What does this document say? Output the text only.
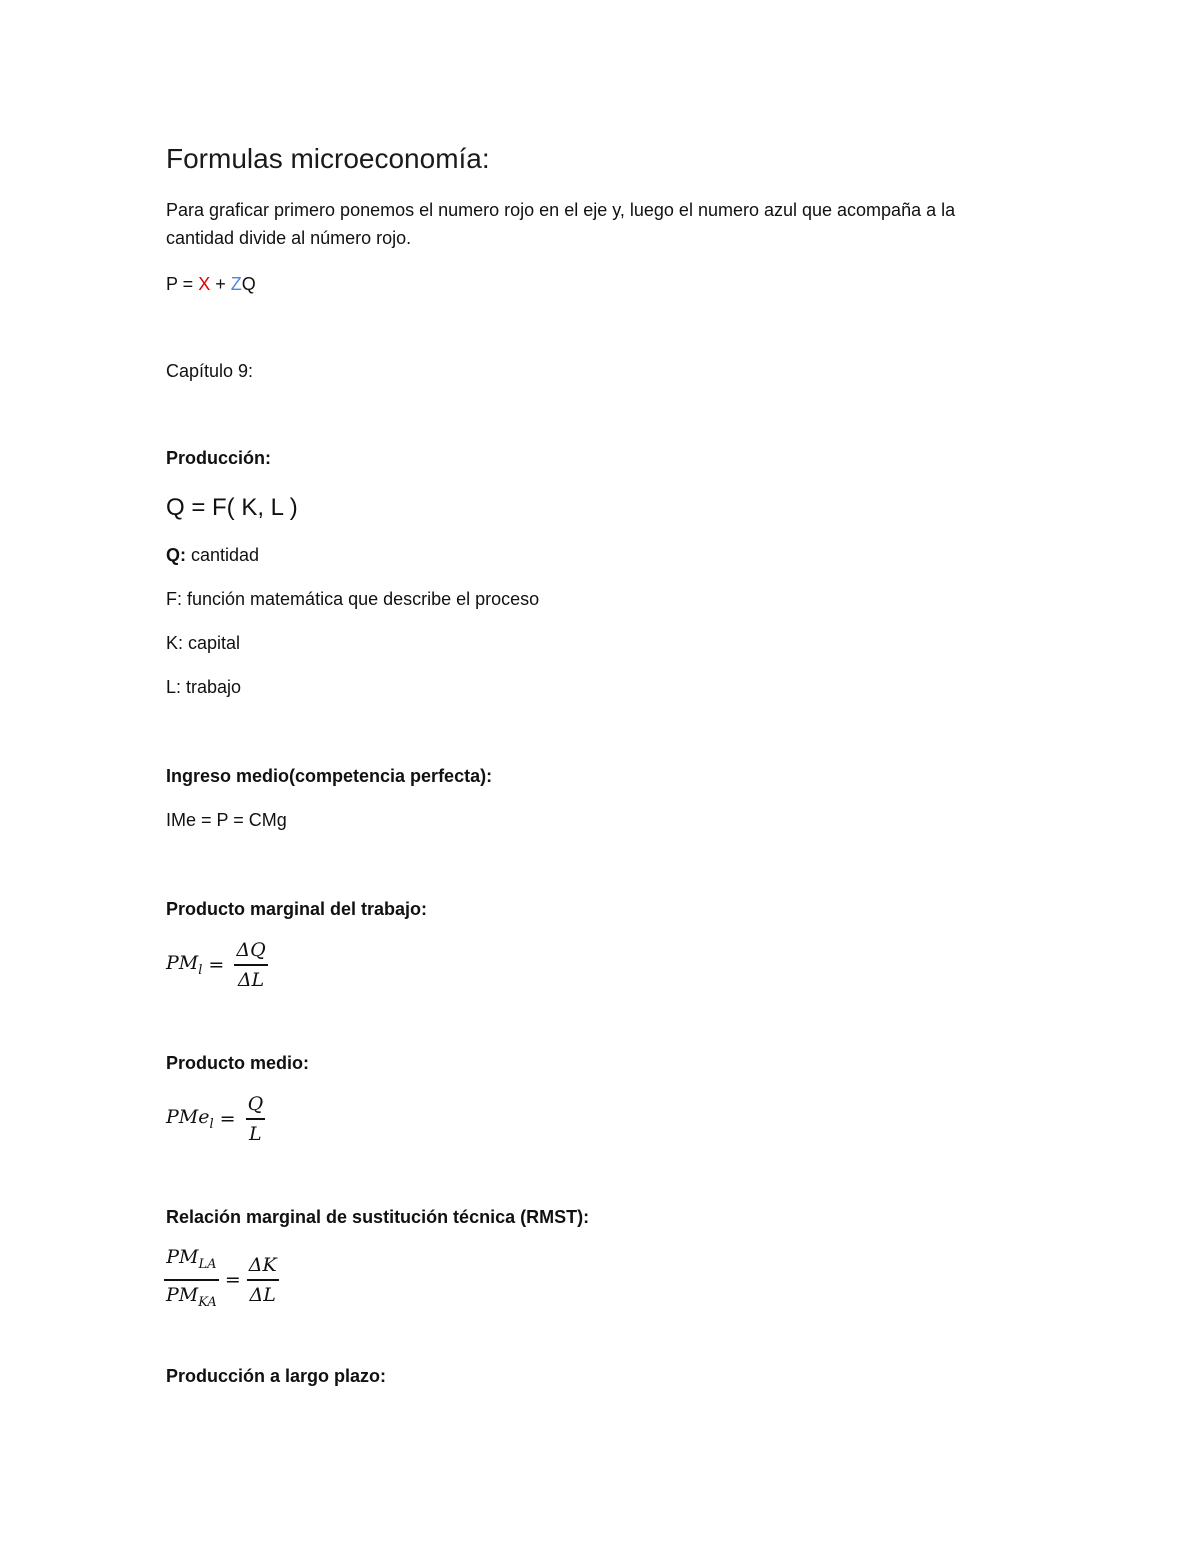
Formulas microeconomía:
Para graficar primero ponemos el numero rojo en el eje y, luego el numero azul que acompaña a la
cantidad divide al número rojo.
P = X + ZQ
Capítulo 9:
Producción:
Q = F( K, L )
Q: cantidad
F: función matemática que describe el proceso
K: capital
L: trabajo
Ingreso medio(competencia perfecta):
IMe = P = CMg
Producto marginal del trabajo:
$PM_l = \frac{\Delta Q}{\Delta L}$
Producto medio:
$PMe_l = \frac{Q}{L}$
Relación marginal de sustitución técnica (RMST):
$\frac{PM_{LA}}{PM_{KA}} = \frac{\Delta K}{\Delta L}$
Producción a largo plazo:
